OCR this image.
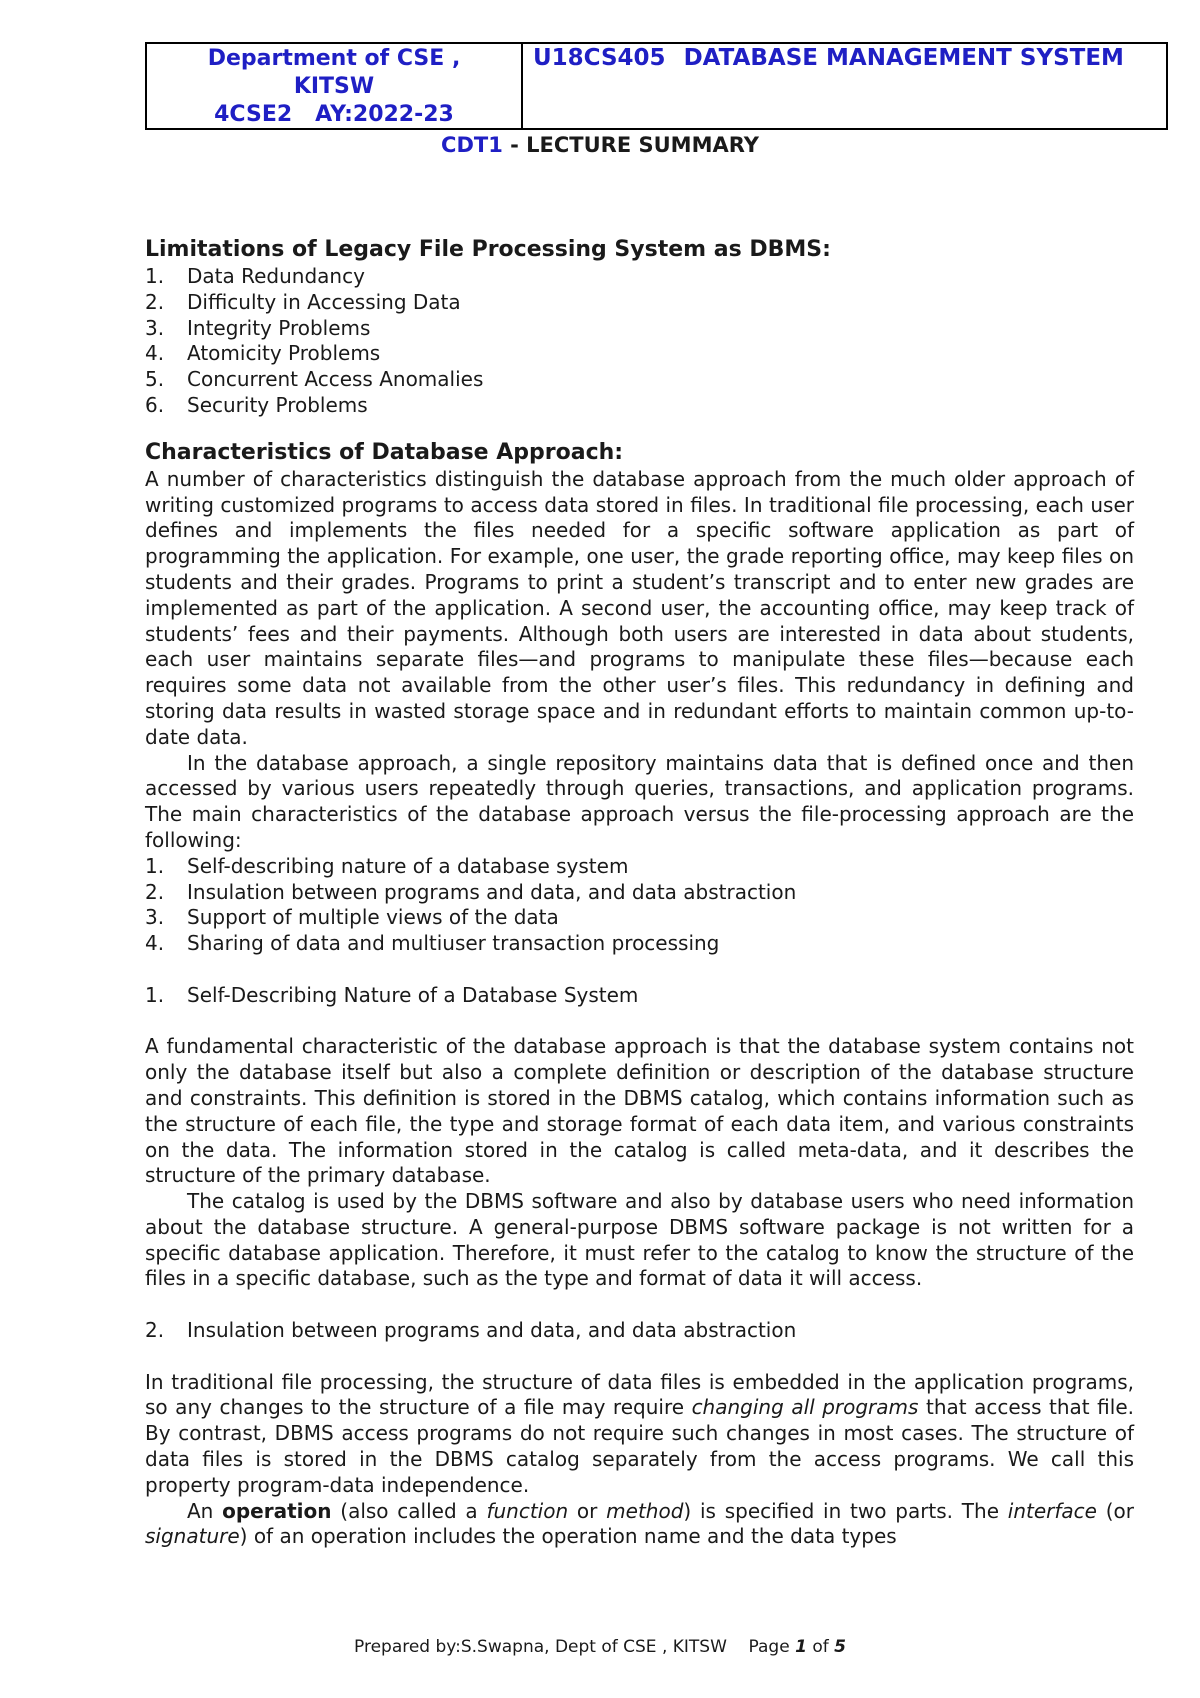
Department of CSE ,
KITSW
4CSE2   AY:2022-23
U18CS405 DATABASE MANAGEMENT SYSTEM
CDT1 - LECTURE SUMMARY
Limitations of Legacy File Processing System as DBMS:
1. Data Redundancy
2. Difficulty in Accessing Data
3. Integrity Problems
4. Atomicity Problems
5. Concurrent Access Anomalies
6. Security Problems
Characteristics of Database Approach:

A number of characteristics distinguish the database approach from the much older approach of writing customized programs to access data stored in files. In traditional file processing, each user defines and implements the files needed for a specific software application as part of programming the application. For example, one user, the grade reporting office, may keep files on students and their grades. Programs to print a student’s transcript and to enter new grades are implemented as part of the application. A second user, the accounting office, may keep track of students’ fees and their payments. Although both users are interested in data about students, each user maintains separate files—and programs to manipulate these files—because each requires some data not available from the other user’s files. This redundancy in defining and storing data results in wasted storage space and in redundant efforts to maintain common up-to-date data.

In the database approach, a single repository maintains data that is defined once and then accessed by various users repeatedly through queries, transactions, and application programs. The main characteristics of the database approach versus the file-processing approach are the following:

1. Self-describing nature of a database system
2. Insulation between programs and data, and data abstraction
3. Support of multiple views of the data
4. Sharing of data and multiuser transaction processing
1. Self-Describing Nature of a Database System

A fundamental characteristic of the database approach is that the database system contains not only the database itself but also a complete definition or description of the database structure and constraints. This definition is stored in the DBMS catalog, which contains information such as the structure of each file, the type and storage format of each data item, and various constraints on the data. The information stored in the catalog is called meta-data, and it describes the structure of the primary database.

The catalog is used by the DBMS software and also by database users who need information about the database structure. A general-purpose DBMS software package is not written for a specific database application. Therefore, it must refer to the catalog to know the structure of the files in a specific database, such as the type and format of data it will access.

2. Insulation between programs and data, and data abstraction

In traditional file processing, the structure of data files is embedded in the application programs, so any changes to the structure of a file may require changing all programs that access that file. By contrast, DBMS access programs do not require such changes in most cases. The structure of data files is stored in the DBMS catalog separately from the access programs. We call this property program-data independence.

An operation (also called a function or method) is specified in two parts. The interface (or signature) of an operation includes the operation name and the data types

Prepared by:S.Swapna, Dept of CSE , KITSW Page 1 of 5
